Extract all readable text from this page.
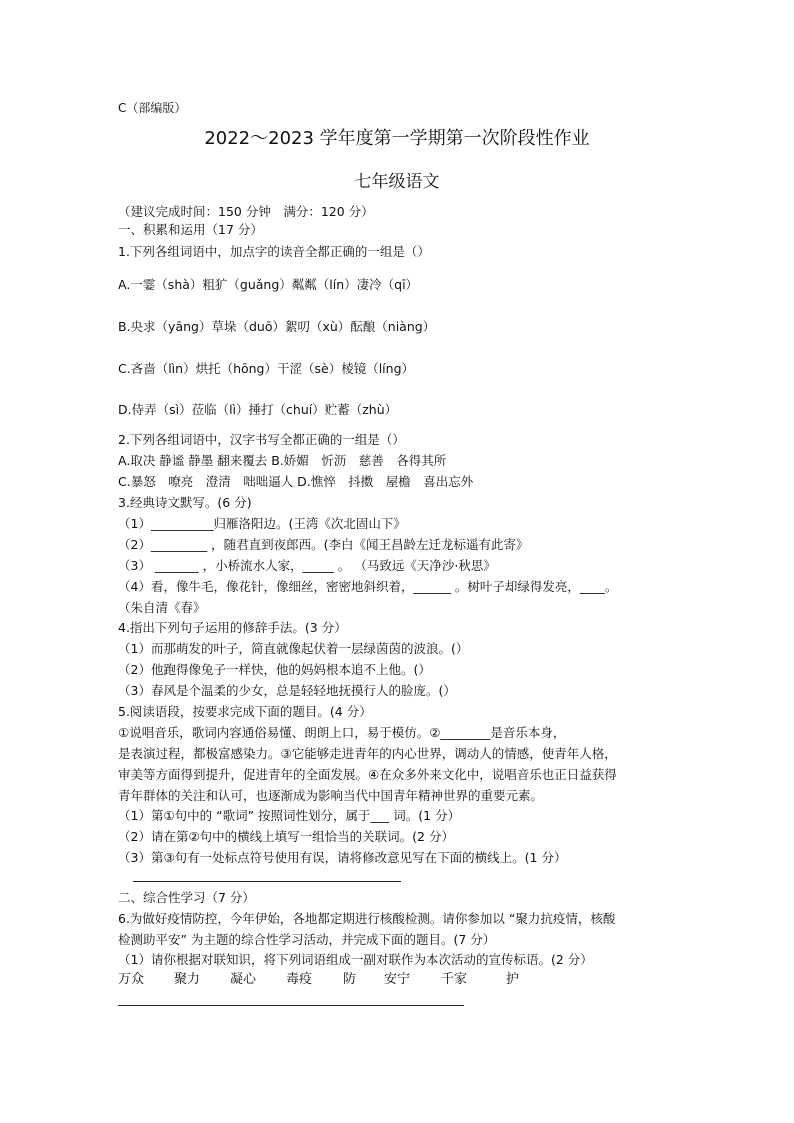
C（部编版）
2022～2023 学年度第一学期第一次阶段性作业
七年级语文
（建议完成时间：150 分钟　满分：120 分）
一、积累和运用（17 分）
1.下列各组词语中，加点字的读音全都正确的一组是（）
A.一霎（shà）粗犷（guǎng）粼粼（lín）凄冷（qī）
B.央求（yāng）草垛（duō）絮叨（xù）酝酿（niàng）
C.吝啬（lìn）烘托（hōng）干涩（sè）棱镜（líng）
D.侍弄（sì）莅临（lì）捶打（chuí）贮蓄（zhù）
2.下列各组词语中，汉字书写全都正确的一组是（）
A.取决 静谧 静墨 翻来覆去 B.娇媚　忻沥　慈善　各得其所
C.暴怒　嘹亮　澄清　咄咄逼人 D.憔悴　抖擞　屋檐　喜出忘外
3.经典诗文默写。(6 分)
（1）__________归雁洛阳边。(王湾《次北固山下》
（2）_________ ，随君直到夜郎西。(李白《闻王昌龄左迁龙标遥有此寄》
（3） _______ ，小桥流水人家，_____ 。 （马致远《天净沙·秋思》
（4）看，像牛毛，像花针，像细丝，密密地斜织着，______ 。树叶子却绿得发亮，____。
（朱自清《春》
4.指出下列句子运用的修辞手法。(3 分）
（1）而那萌发的叶子，简直就像起伏着一层绿茵茵的波浪。(）
（2）他跑得像兔子一样快，他的妈妈根本追不上他。(）
（3）春风是个温柔的少女，总是轻轻地抚摸行人的脸庞。(）
5.阅读语段，按要求完成下面的题目。(4 分）
①说唱音乐，歌词内容通俗易懂、朗朗上口，易于模仿。②________是音乐本身，
是表演过程，都极富感染力。③它能够走进青年的内心世界，调动人的情感，使青年人格，
审美等方面得到提升，促进青年的全面发展。④在众多外来文化中，说唱音乐也正日益获得
青年群体的关注和认可，也逐渐成为影响当代中国青年精神世界的重要元素。
（1）第①句中的 “歌词” 按照词性划分，属于___ 词。(1 分）
（2）请在第②句中的横线上填写一组恰当的关联词。(2 分）
（3）第③句有一处标点符号使用有误，请将修改意见写在下面的横线上。(1 分）
二、综合性学习（7 分）
6.为做好疫情防控，今年伊始，各地都定期进行核酸检测。请你参加以 “聚力抗疫情，核酸
检测助平安” 为主题的综合性学习活动，并完成下面的题目。(7 分）
（1）请你根据对联知识，将下列词语组成一副对联作为本次活动的宣传标语。(2 分）
万众 聚力 凝心 毒疫 防 安宁 千家	护
